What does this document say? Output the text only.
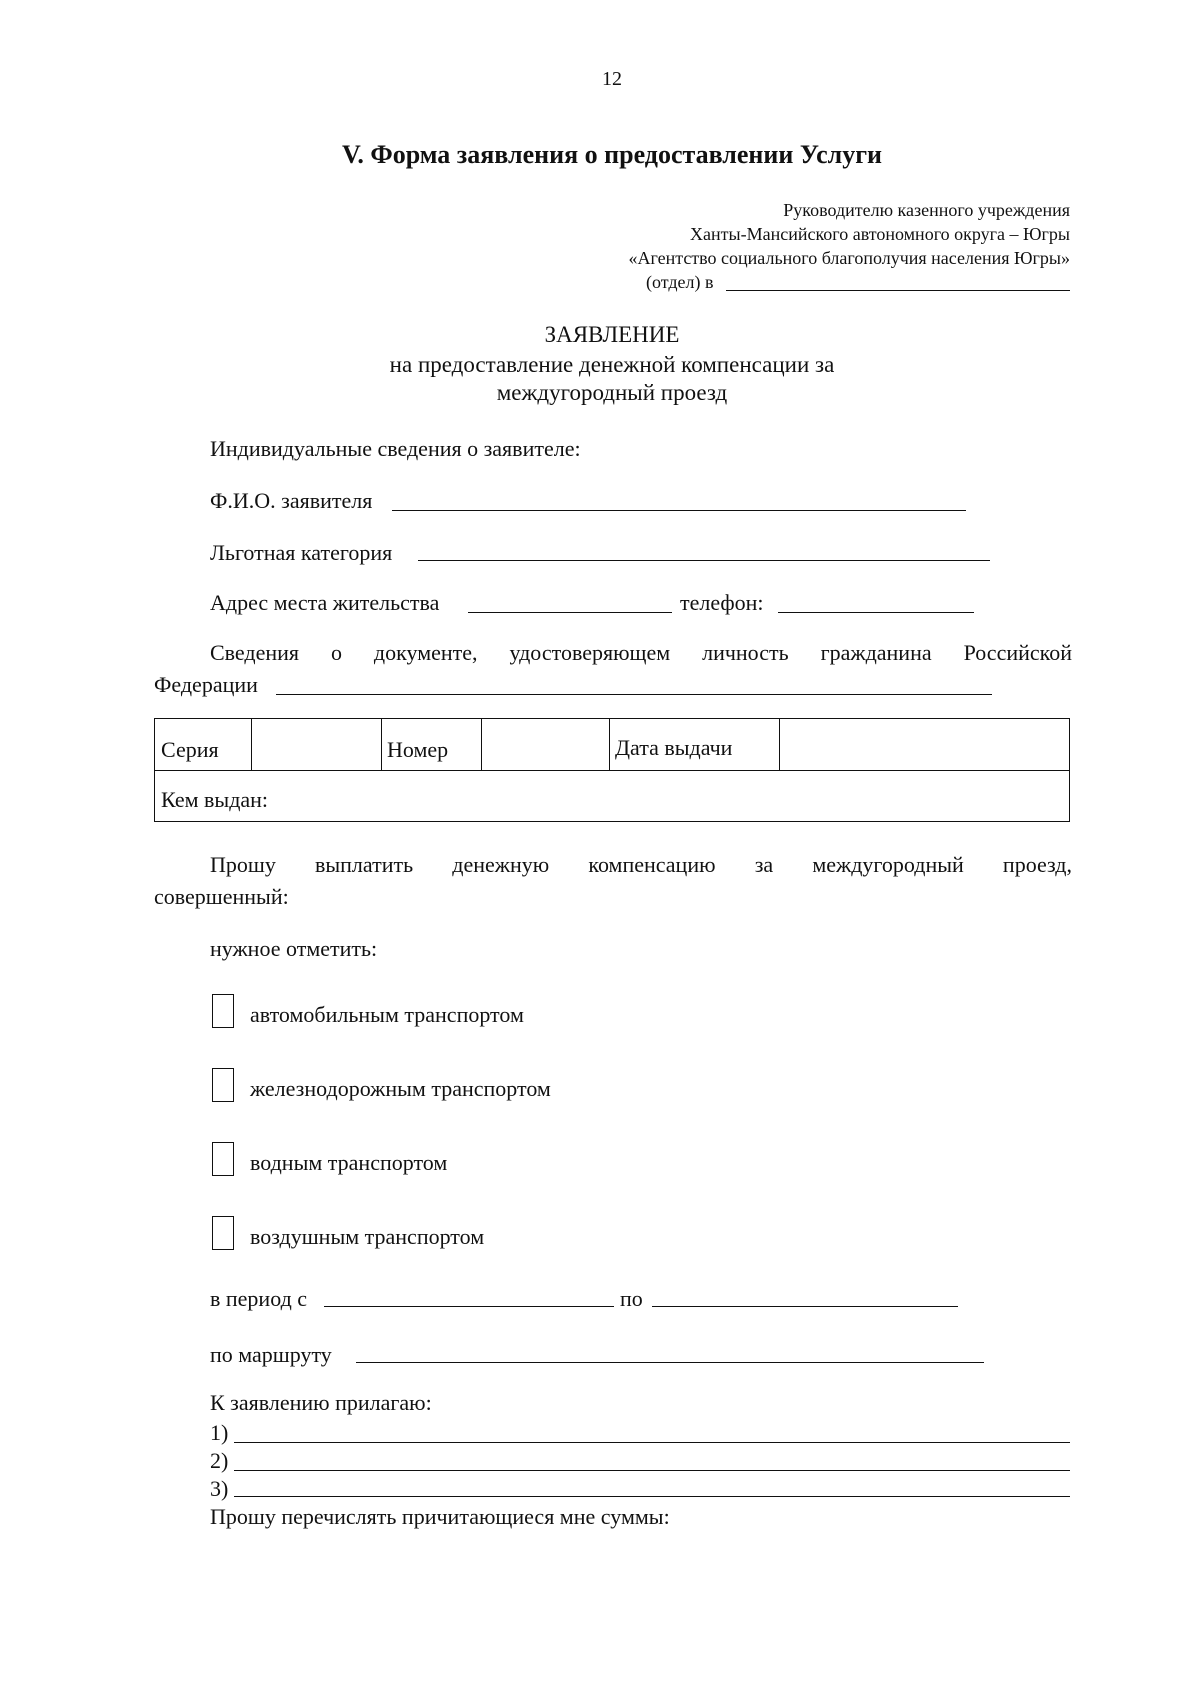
12
V. Форма заявления о предоставлении Услуги
Руководителю казенного учреждения
Ханты-Мансийского автономного округа – Югры
«Агентство социального благополучия населения Югры»
(отдел) в
ЗАЯВЛЕНИЕ
на предоставление денежной компенсации за
междугородный проезд
Индивидуальные сведения о заявителе:
Ф.И.О. заявителя
Льготная категория
Адрес места жительства	телефон:
Сведения о документе, удостоверяющем личность гражданина Российской
Федерации
Серия	Номер	Дата выдачи
Кем выдан:
Прошу выплатить денежную компенсацию за междугородный проезд,
совершенный:
нужное отметить:
автомобильным транспортом
железнодорожным транспортом
водным транспортом
воздушным транспортом
в период с	по
по маршруту
К заявлению прилагаю:
1)
2)
3)
Прошу перечислять причитающиеся мне суммы:
